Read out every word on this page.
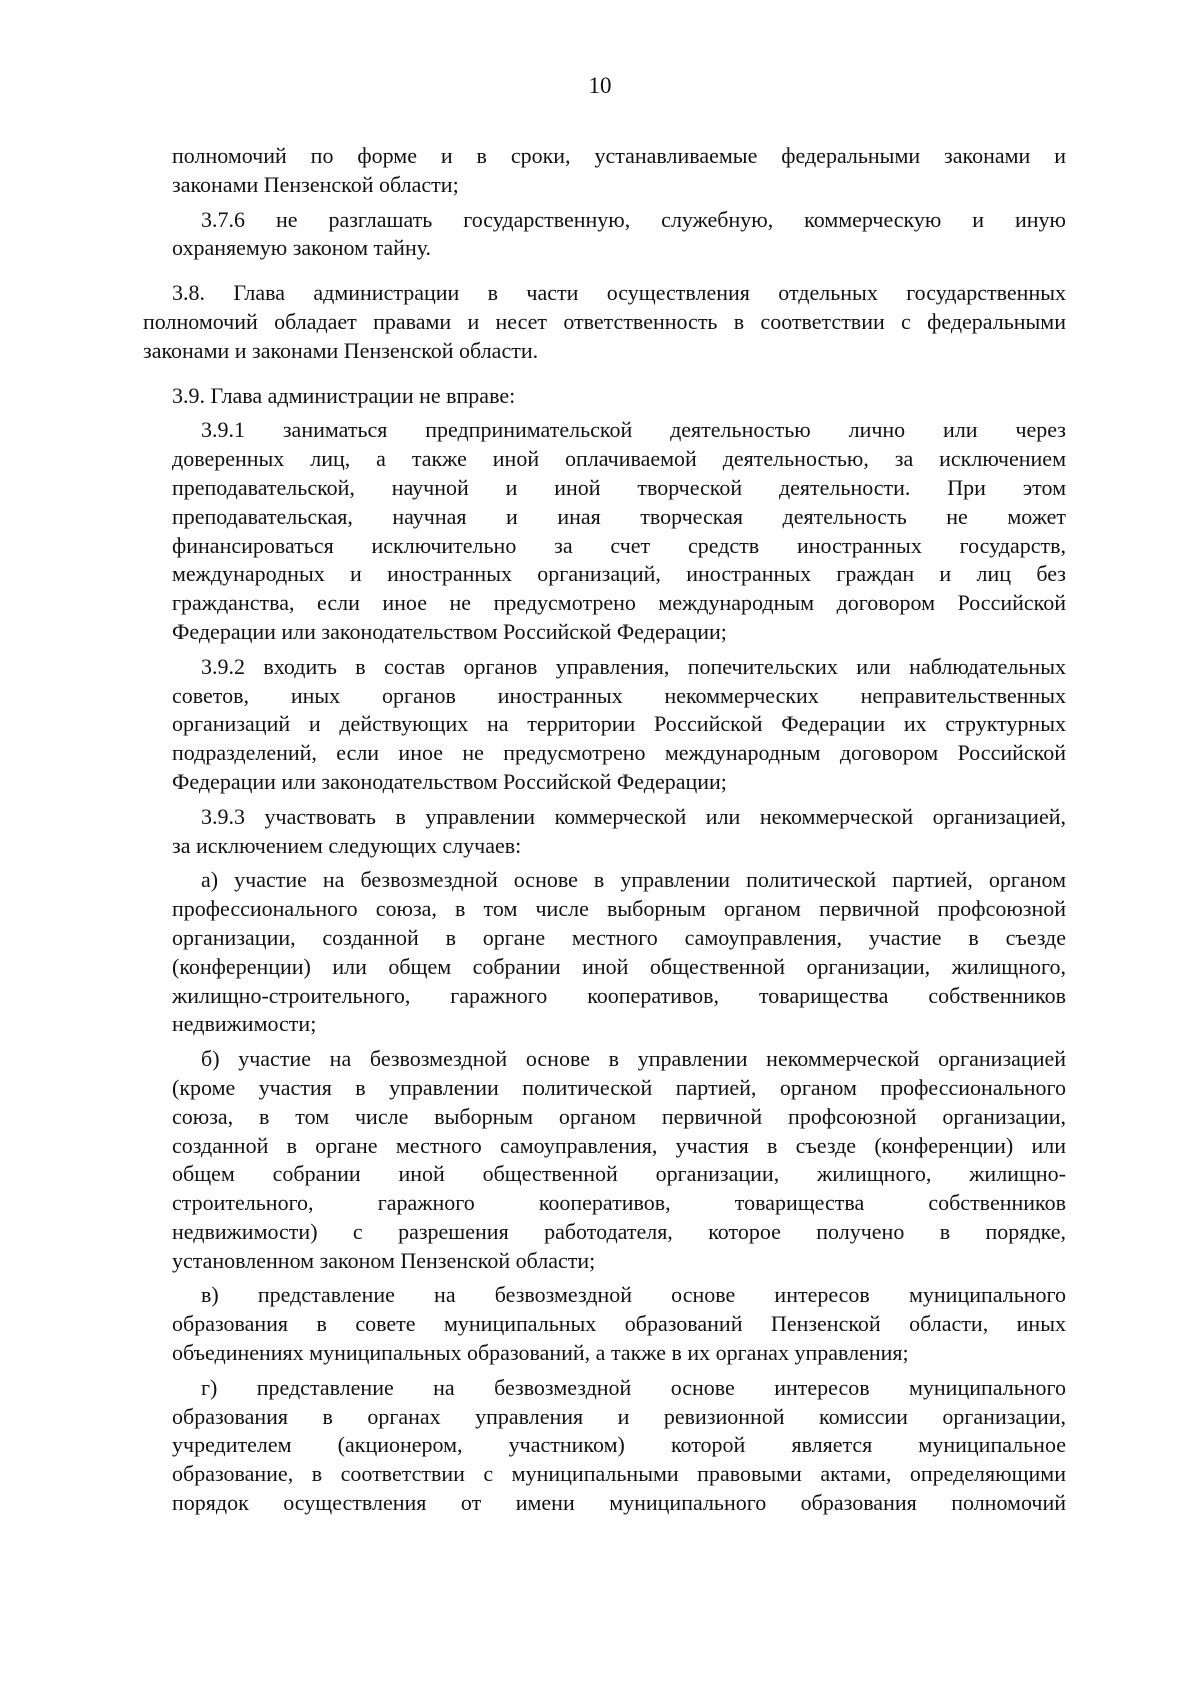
10
полномочий по форме и в сроки, устанавливаемые федеральными законами и
законами Пензенской области;
3.7.6 не разглашать государственную, служебную, коммерческую и иную
охраняемую законом тайну.
3.8. Глава администрации в части осуществления отдельных государственных
полномочий обладает правами и несет ответственность в соответствии с федеральными
законами и законами Пензенской области.
3.9. Глава администрации не вправе:
3.9.1 заниматься предпринимательской деятельностью лично или через
доверенных лиц, а также иной оплачиваемой деятельностью, за исключением
преподавательской, научной и иной творческой деятельности. При этом
преподавательская, научная и иная творческая деятельность не может
финансироваться исключительно за счет средств иностранных государств,
международных и иностранных организаций, иностранных граждан и лиц без
гражданства, если иное не предусмотрено международным договором Российской
Федерации или законодательством Российской Федерации;
3.9.2 входить в состав органов управления, попечительских или наблюдательных
советов, иных органов иностранных некоммерческих неправительственных
организаций и действующих на территории Российской Федерации их структурных
подразделений, если иное не предусмотрено международным договором Российской
Федерации или законодательством Российской Федерации;
3.9.3 участвовать в управлении коммерческой или некоммерческой организацией,
за исключением следующих случаев:
а) участие на безвозмездной основе в управлении политической партией, органом
профессионального союза, в том числе выборным органом первичной профсоюзной
организации, созданной в органе местного самоуправления, участие в съезде
(конференции) или общем собрании иной общественной организации, жилищного,
жилищно-строительного, гаражного кооперативов, товарищества собственников
недвижимости;
б) участие на безвозмездной основе в управлении некоммерческой организацией
(кроме участия в управлении политической партией, органом профессионального
союза, в том числе выборным органом первичной профсоюзной организации,
созданной в органе местного самоуправления, участия в съезде (конференции) или
общем собрании иной общественной организации, жилищного, жилищно-
строительного, гаражного кооперативов, товарищества собственников
недвижимости) с разрешения работодателя, которое получено в порядке,
установленном законом Пензенской области;
в) представление на безвозмездной основе интересов муниципального
образования в совете муниципальных образований Пензенской области, иных
объединениях муниципальных образований, а также в их органах управления;
г) представление на безвозмездной основе интересов муниципального
образования в органах управления и ревизионной комиссии организации,
учредителем (акционером, участником) которой является муниципальное
образование, в соответствии с муниципальными правовыми актами, определяющими
порядок осуществления от имени муниципального образования полномочий
